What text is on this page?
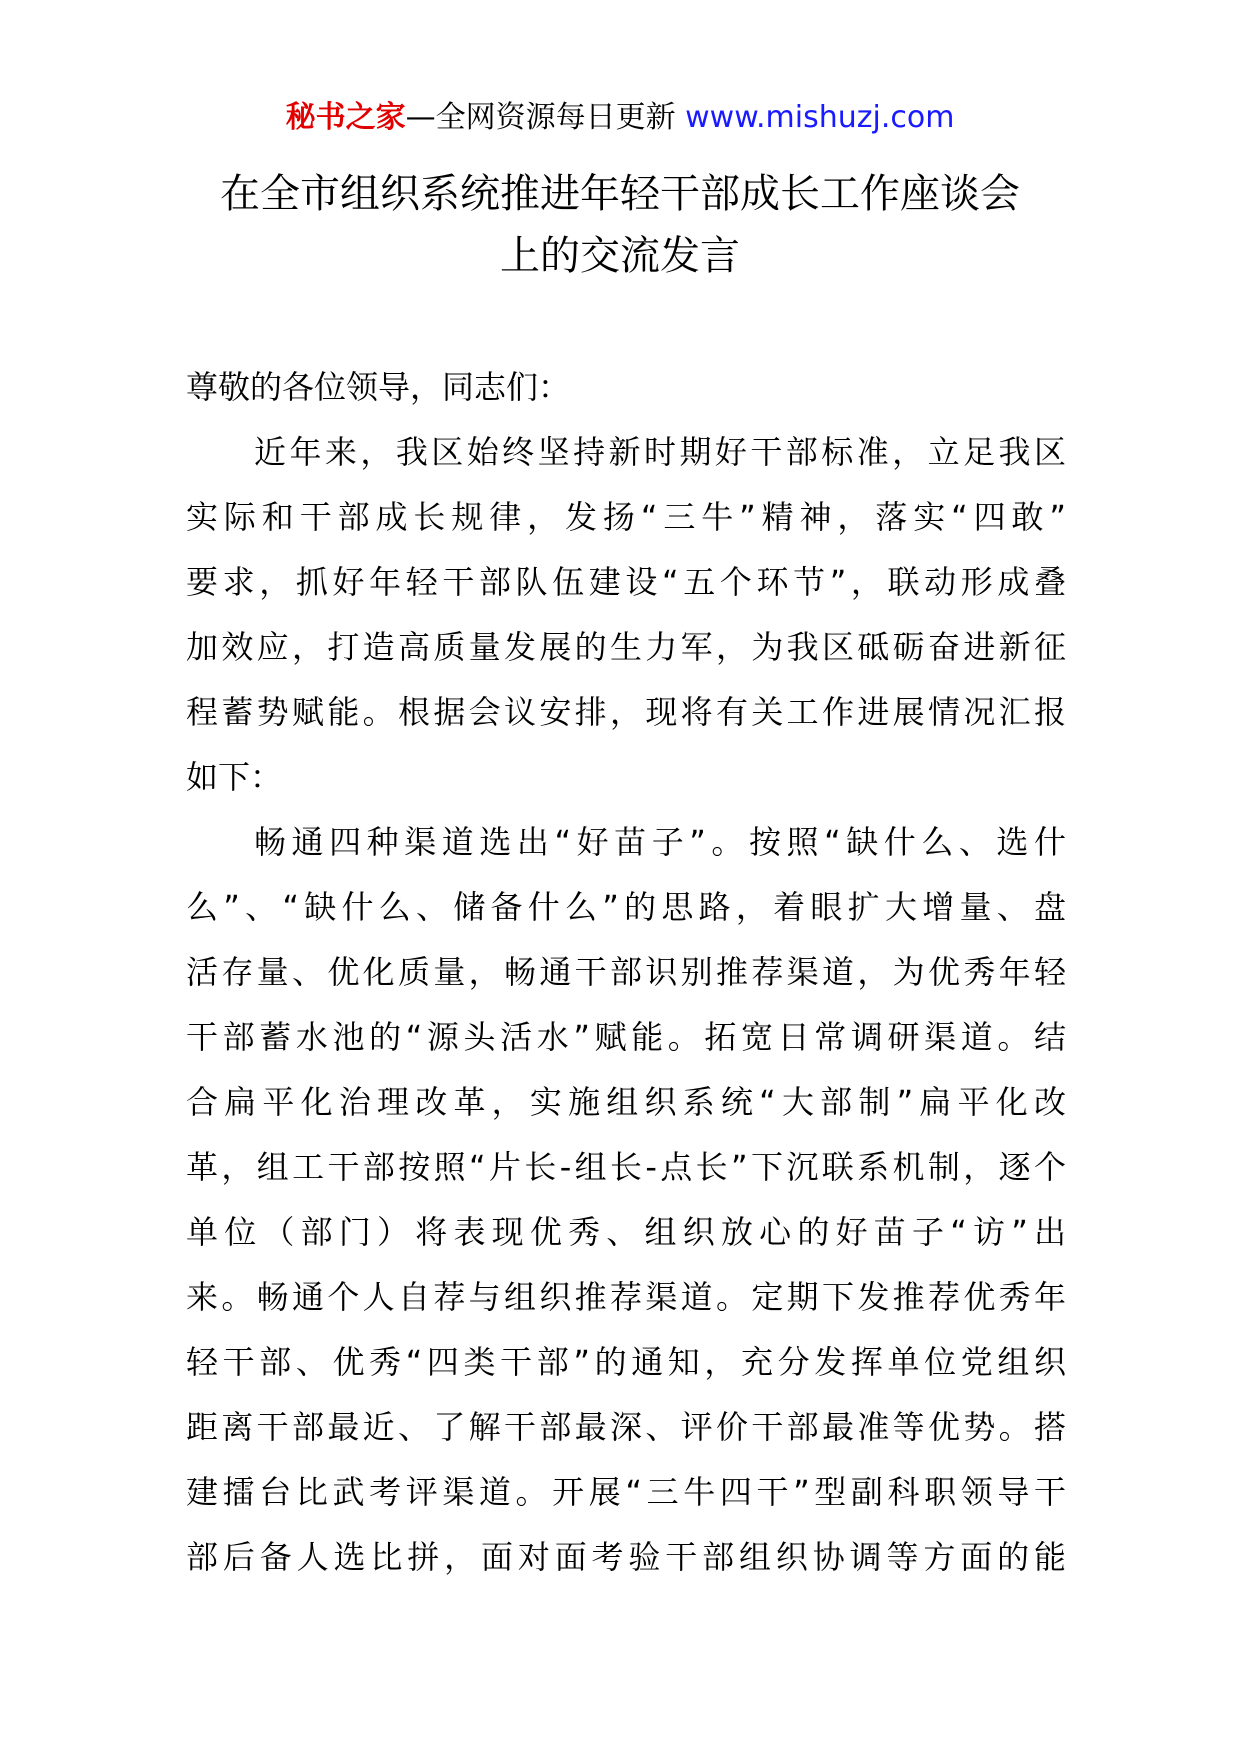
秘书之家—全网资源每日更新 www.mishuzj.com
在全市组织系统推进年轻干部成长工作座谈会
上的交流发言
尊敬的各位领导，同志们：
近年来，我区始终坚持新时期好干部标准，立足我区
实际和干部成长规律，发扬“三牛”精神，落实“四敢”
要求，抓好年轻干部队伍建设“五个环节”，联动形成叠
加效应，打造高质量发展的生力军，为我区砥砺奋进新征
程蓄势赋能。根据会议安排，现将有关工作进展情况汇报
如下：
畅通四种渠道选出“好苗子”。按照“缺什么、选什
么”、“缺什么、储备什么”的思路，着眼扩大增量、盘
活存量、优化质量，畅通干部识别推荐渠道，为优秀年轻
干部蓄水池的“源头活水”赋能。拓宽日常调研渠道。结
合扁平化治理改革，实施组织系统“大部制”扁平化改
革，组工干部按照“片长-组长-点长”下沉联系机制，逐个
单位（部门）将表现优秀、组织放心的好苗子“访”出
来。畅通个人自荐与组织推荐渠道。定期下发推荐优秀年
轻干部、优秀“四类干部”的通知，充分发挥单位党组织
距离干部最近、了解干部最深、评价干部最准等优势。搭
建擂台比武考评渠道。开展“三牛四干”型副科职领导干
部后备人选比拼，面对面考验干部组织协调等方面的能
